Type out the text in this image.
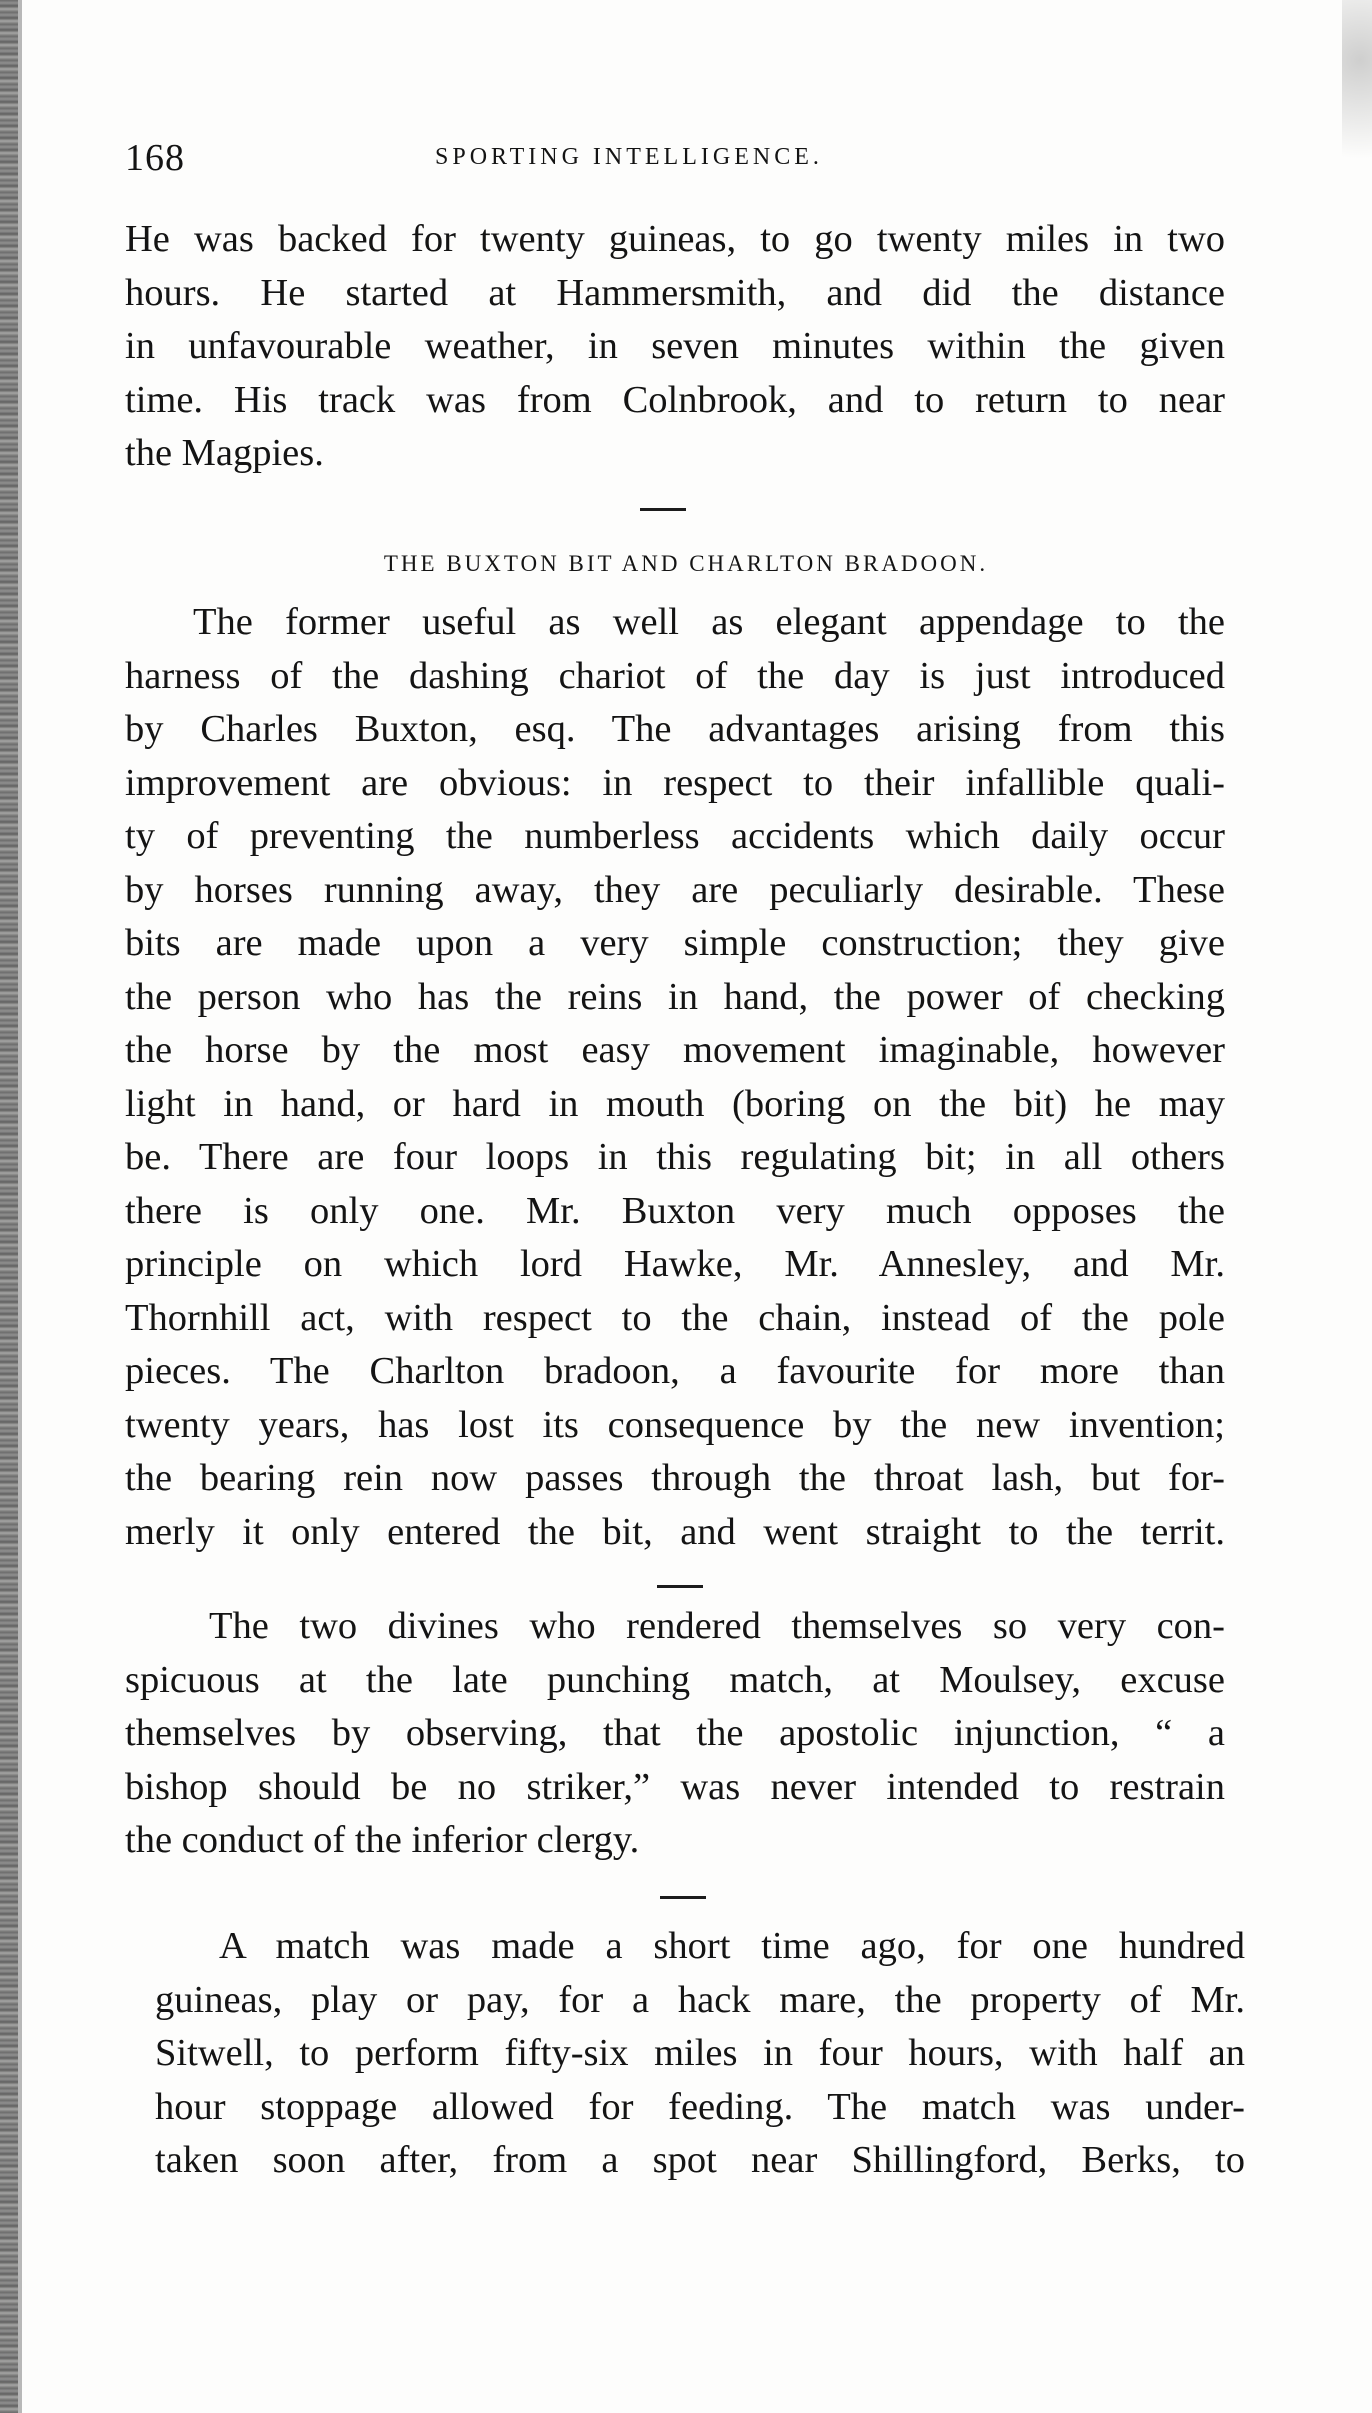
168	SPORTING INTELLIGENCE.
He was backed for twenty guineas, to go twenty miles in two
hours. He started at Hammersmith, and did the distance
in unfavourable weather, in seven minutes within the given
time. His track was from Colnbrook, and to return to near
the Magpies.
THE BUXTON BIT AND CHARLTON BRADOON.
The former useful as well as elegant appendage to the
harness of the dashing chariot of the day is just introduced
by Charles Buxton, esq. The advantages arising from this
improvement are obvious: in respect to their infallible quali-
ty of preventing the numberless accidents which daily occur
by horses running away, they are peculiarly desirable. These
bits are made upon a very simple construction; they give
the person who has the reins in hand, the power of checking
the horse by the most easy movement imaginable, however
light in hand, or hard in mouth (boring on the bit) he may
be. There are four loops in this regulating bit; in all others
there is only one. Mr. Buxton very much opposes the
principle on which lord Hawke, Mr. Annesley, and Mr.
Thornhill act, with respect to the chain, instead of the pole
pieces. The Charlton bradoon, a favourite for more than
twenty years, has lost its consequence by the new invention;
the bearing rein now passes through the throat lash, but for-
merly it only entered the bit, and went straight to the territ.
The two divines who rendered themselves so very con-
spicuous at the late punching match, at Moulsey, excuse
themselves by observing, that the apostolic injunction, “ a
bishop should be no striker,” was never intended to restrain
the conduct of the inferior clergy.
A match was made a short time ago, for one hundred
guineas, play or pay, for a hack mare, the property of Mr.
Sitwell, to perform fifty-six miles in four hours, with half an
hour stoppage allowed for feeding. The match was under-
taken soon after, from a spot near Shillingford, Berks, to
